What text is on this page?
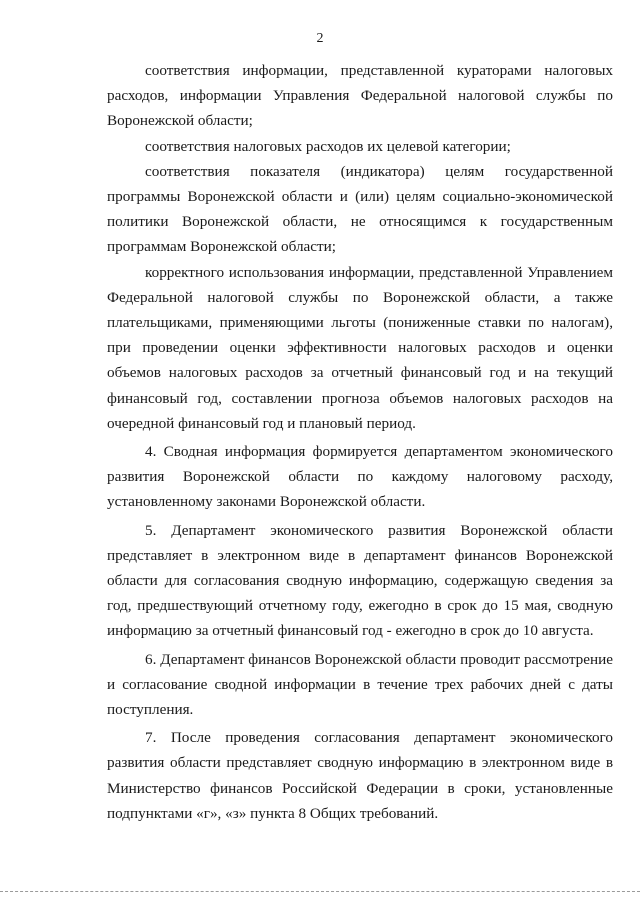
2

соответствия информации, представленной кураторами налоговых расходов, информации Управления Федеральной налоговой службы по Воронежской области;

соответствия налоговых расходов их целевой категории;

соответствия показателя (индикатора) целям государственной программы Воронежской области и (или) целям социально-экономической политики Воронежской области, не относящимся к государственным программам Воронежской области;

корректного использования информации, представленной Управлением Федеральной налоговой службы по Воронежской области, а также плательщиками, применяющими льготы (пониженные ставки по налогам), при проведении оценки эффективности налоговых расходов и оценки объемов налоговых расходов за отчетный финансовый год и на текущий финансовый год, составлении прогноза объемов налоговых расходов на очередной финансовый год и плановый период.

4. Сводная информация формируется департаментом экономического развития Воронежской области по каждому налоговому расходу, установленному законами Воронежской области.

5. Департамент экономического развития Воронежской области представляет в электронном виде в департамент финансов Воронежской области для согласования сводную информацию, содержащую сведения за год, предшествующий отчетному году, ежегодно в срок до 15 мая, сводную информацию за отчетный финансовый год - ежегодно в срок до 10 августа.

6. Департамент финансов Воронежской области проводит рассмотрение и согласование сводной информации в течение трех рабочих дней с даты поступления.

7. После проведения согласования департамент экономического развития области представляет сводную информацию в электронном виде в Министерство финансов Российской Федерации в сроки, установленные подпунктами «г», «з» пункта 8 Общих требований.
